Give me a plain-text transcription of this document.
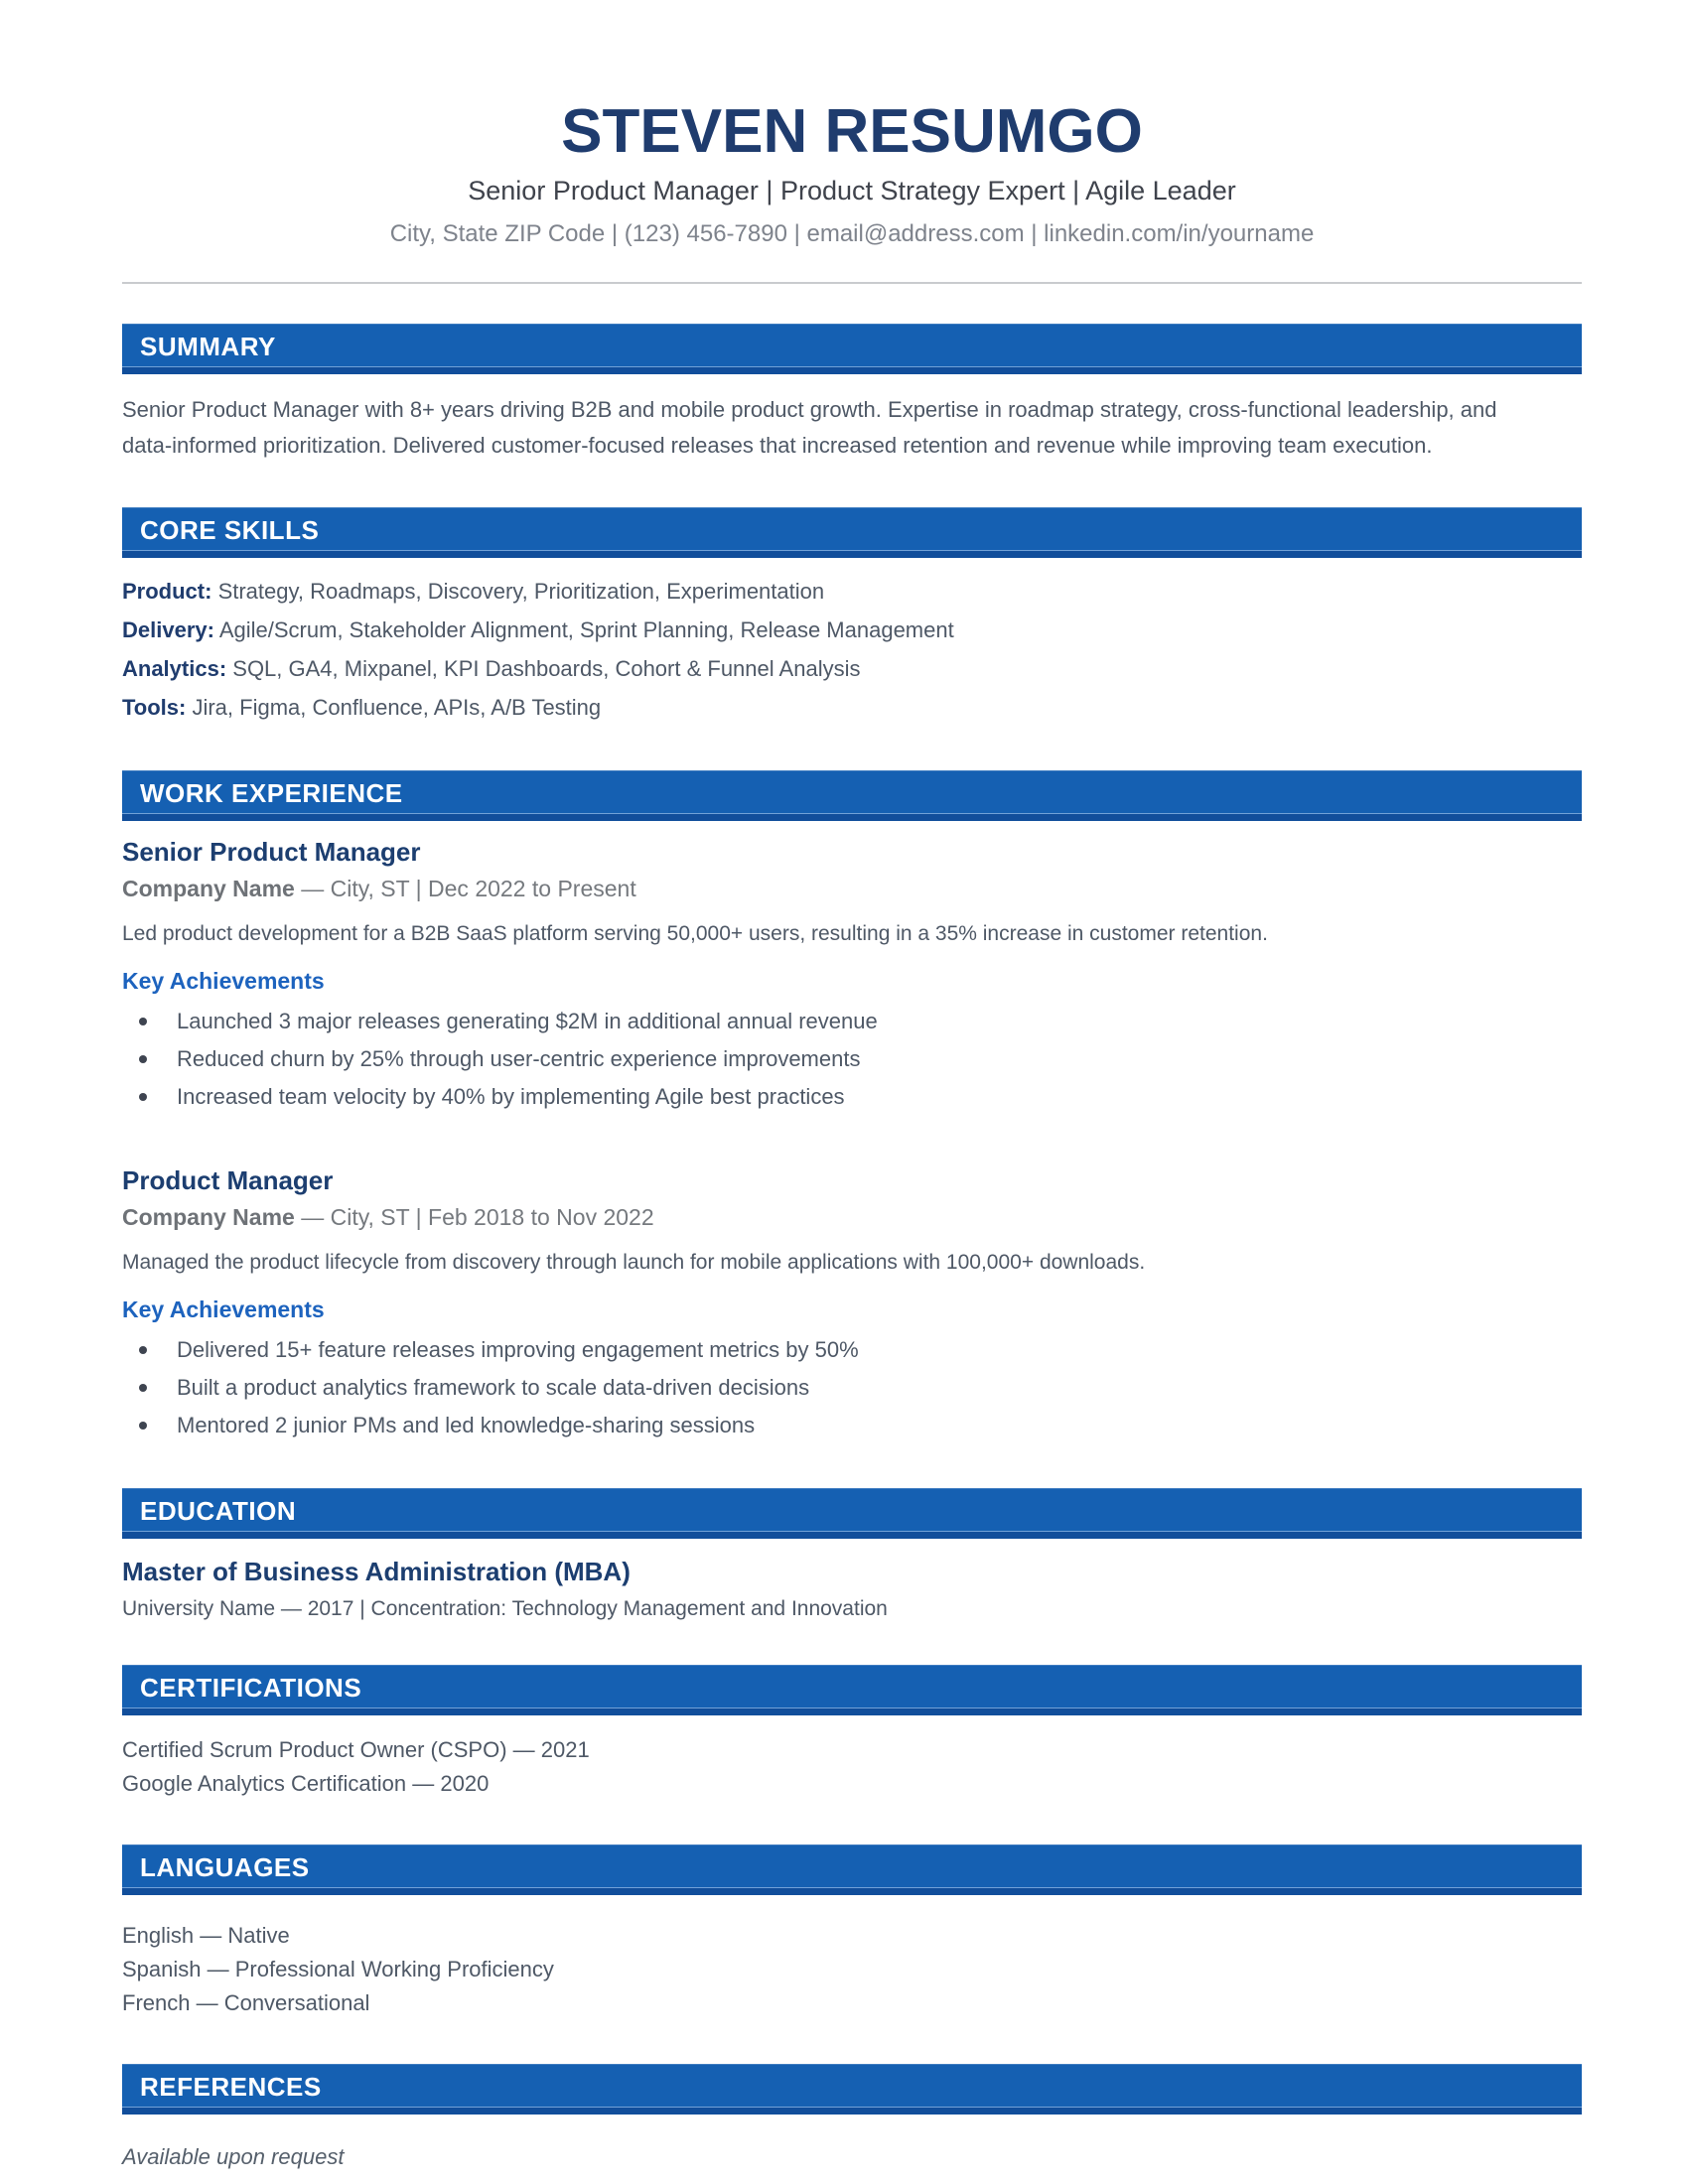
STEVEN RESUMGO
Senior Product Manager | Product Strategy Expert | Agile Leader
City, State ZIP Code | (123) 456-7890 | email@address.com | linkedin.com/in/yourname
SUMMARY

Senior Product Manager with 8+ years driving B2B and mobile product growth. Expertise in roadmap strategy, cross-functional leadership, and data-informed prioritization. Delivered customer-focused releases that increased retention and revenue while improving team execution.

CORE SKILLS
Product: Strategy, Roadmaps, Discovery, Prioritization, Experimentation
Delivery: Agile/Scrum, Stakeholder Alignment, Sprint Planning, Release Management
Analytics: SQL, GA4, Mixpanel, KPI Dashboards, Cohort & Funnel Analysis
Tools: Jira, Figma, Confluence, APIs, A/B Testing
WORK EXPERIENCE
Senior Product Manager
Company Name — City, ST | Dec 2022 to Present
Led product development for a B2B SaaS platform serving 50,000+ users, resulting in a 35% increase in customer retention.
Key Achievements
Launched 3 major releases generating $2M in additional annual revenue
Reduced churn by 25% through user-centric experience improvements
Increased team velocity by 40% by implementing Agile best practices
Product Manager
Company Name — City, ST | Feb 2018 to Nov 2022
Managed the product lifecycle from discovery through launch for mobile applications with 100,000+ downloads.
Key Achievements
Delivered 15+ feature releases improving engagement metrics by 50%
Built a product analytics framework to scale data-driven decisions
Mentored 2 junior PMs and led knowledge-sharing sessions
EDUCATION
Master of Business Administration (MBA)
University Name — 2017 | Concentration: Technology Management and Innovation
CERTIFICATIONS
Certified Scrum Product Owner (CSPO) — 2021
Google Analytics Certification — 2020
LANGUAGES
English — Native
Spanish — Professional Working Proficiency
French — Conversational
REFERENCES
Available upon request
